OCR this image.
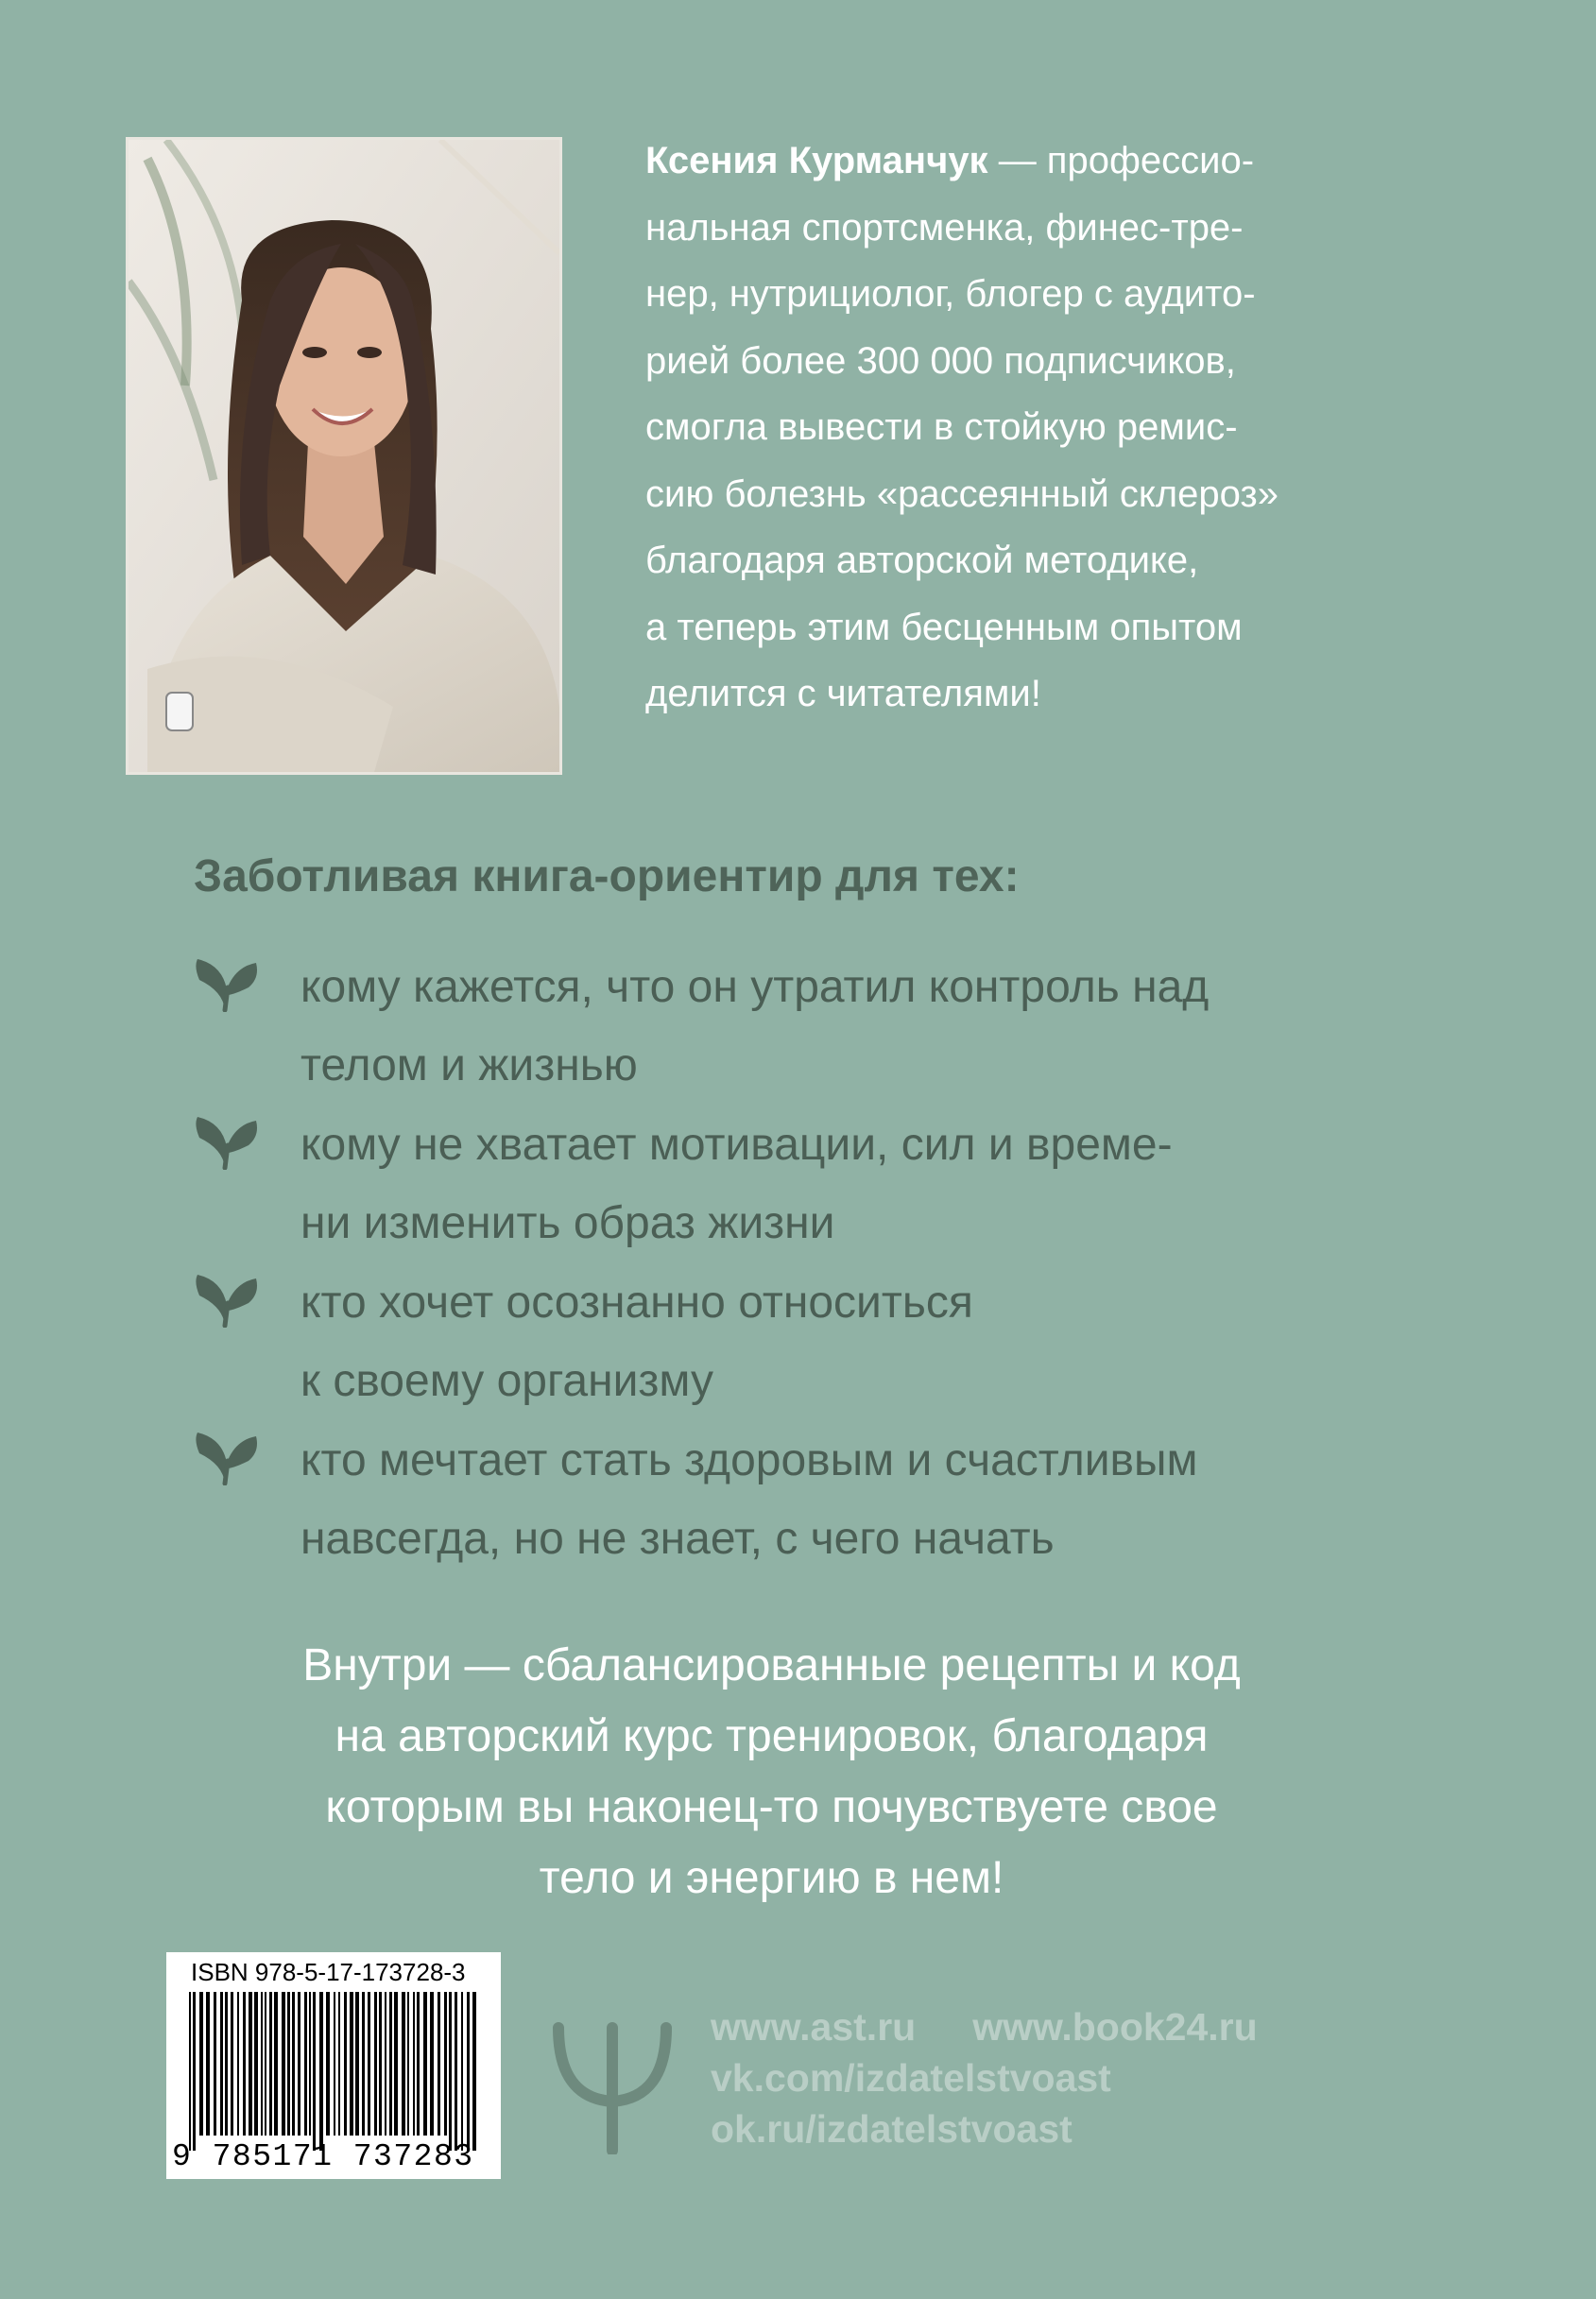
Ксения Курманчук — профессио-
нальная спортсменка, финес-тре-
нер, нутрициолог, блогер с аудито-
рией более 300 000 подписчиков,
смогла вывести в стойкую ремис-
сию болезнь «рассеянный склероз»
благодаря авторской методике,
а теперь этим бесценным опытом
делится с читателями!
Заботливая книга-ориентир для тех:
кому кажется, что он утратил контроль над
телом и жизнью
кому не хватает мотивации, сил и време-
ни изменить образ жизни
кто хочет осознанно относиться
к своему организму
кто мечтает стать здоровым и счастливым
навсегда, но не знает, с чего начать
Внутри — сбалансированные рецепты и код
на авторский курс тренировок, благодаря
которым вы наконец-то почувствуете свое
тело и энергию в нем!
ISBN 978-5-17-173728-3
9 785171 737283
www.ast.ru www.book24.ru
vk.com/izdatelstvoast
ok.ru/izdatelstvoast
